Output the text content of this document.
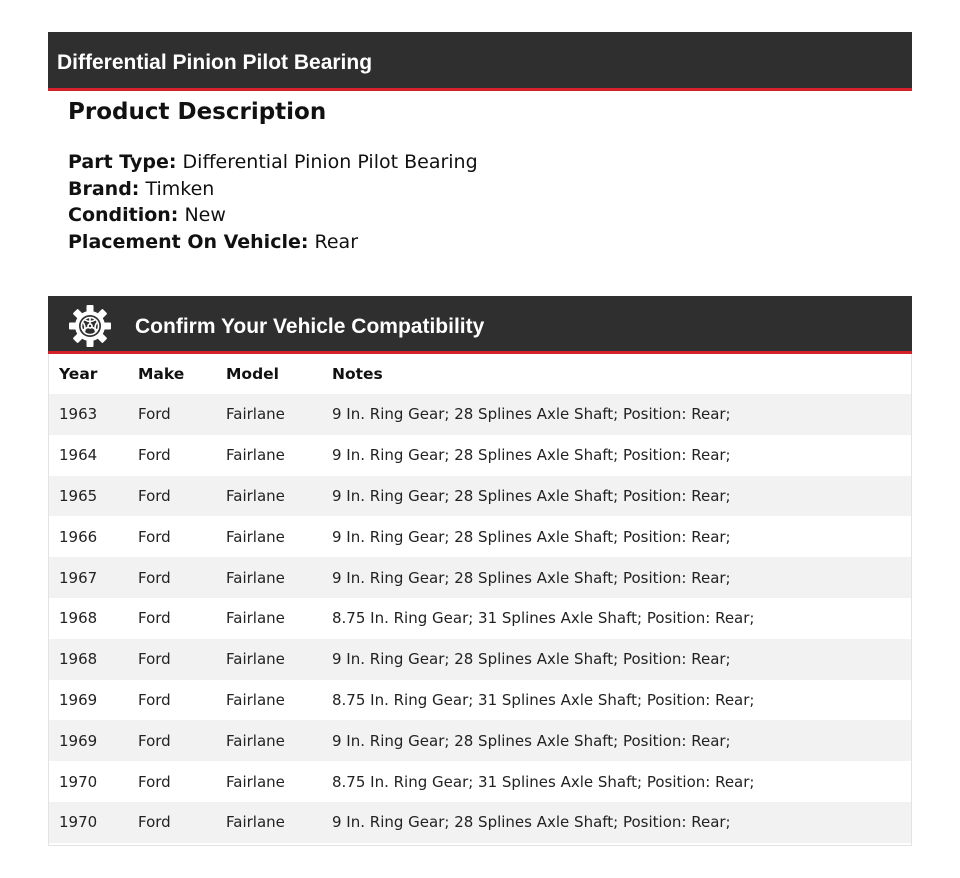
Differential Pinion Pilot Bearing
Product Description
Part Type: Differential Pinion Pilot Bearing
Brand: Timken
Condition: New
Placement On Vehicle: Rear
Confirm Your Vehicle Compatibility
Year	Make	Model	Notes
1963	Ford	Fairlane	9 In. Ring Gear; 28 Splines Axle Shaft; Position: Rear;
1964	Ford	Fairlane	9 In. Ring Gear; 28 Splines Axle Shaft; Position: Rear;
1965	Ford	Fairlane	9 In. Ring Gear; 28 Splines Axle Shaft; Position: Rear;
1966	Ford	Fairlane	9 In. Ring Gear; 28 Splines Axle Shaft; Position: Rear;
1967	Ford	Fairlane	9 In. Ring Gear; 28 Splines Axle Shaft; Position: Rear;
1968	Ford	Fairlane	8.75 In. Ring Gear; 31 Splines Axle Shaft; Position: Rear;
1968	Ford	Fairlane	9 In. Ring Gear; 28 Splines Axle Shaft; Position: Rear;
1969	Ford	Fairlane	8.75 In. Ring Gear; 31 Splines Axle Shaft; Position: Rear;
1969	Ford	Fairlane	9 In. Ring Gear; 28 Splines Axle Shaft; Position: Rear;
1970	Ford	Fairlane	8.75 In. Ring Gear; 31 Splines Axle Shaft; Position: Rear;
1970	Ford	Fairlane	9 In. Ring Gear; 28 Splines Axle Shaft; Position: Rear;
